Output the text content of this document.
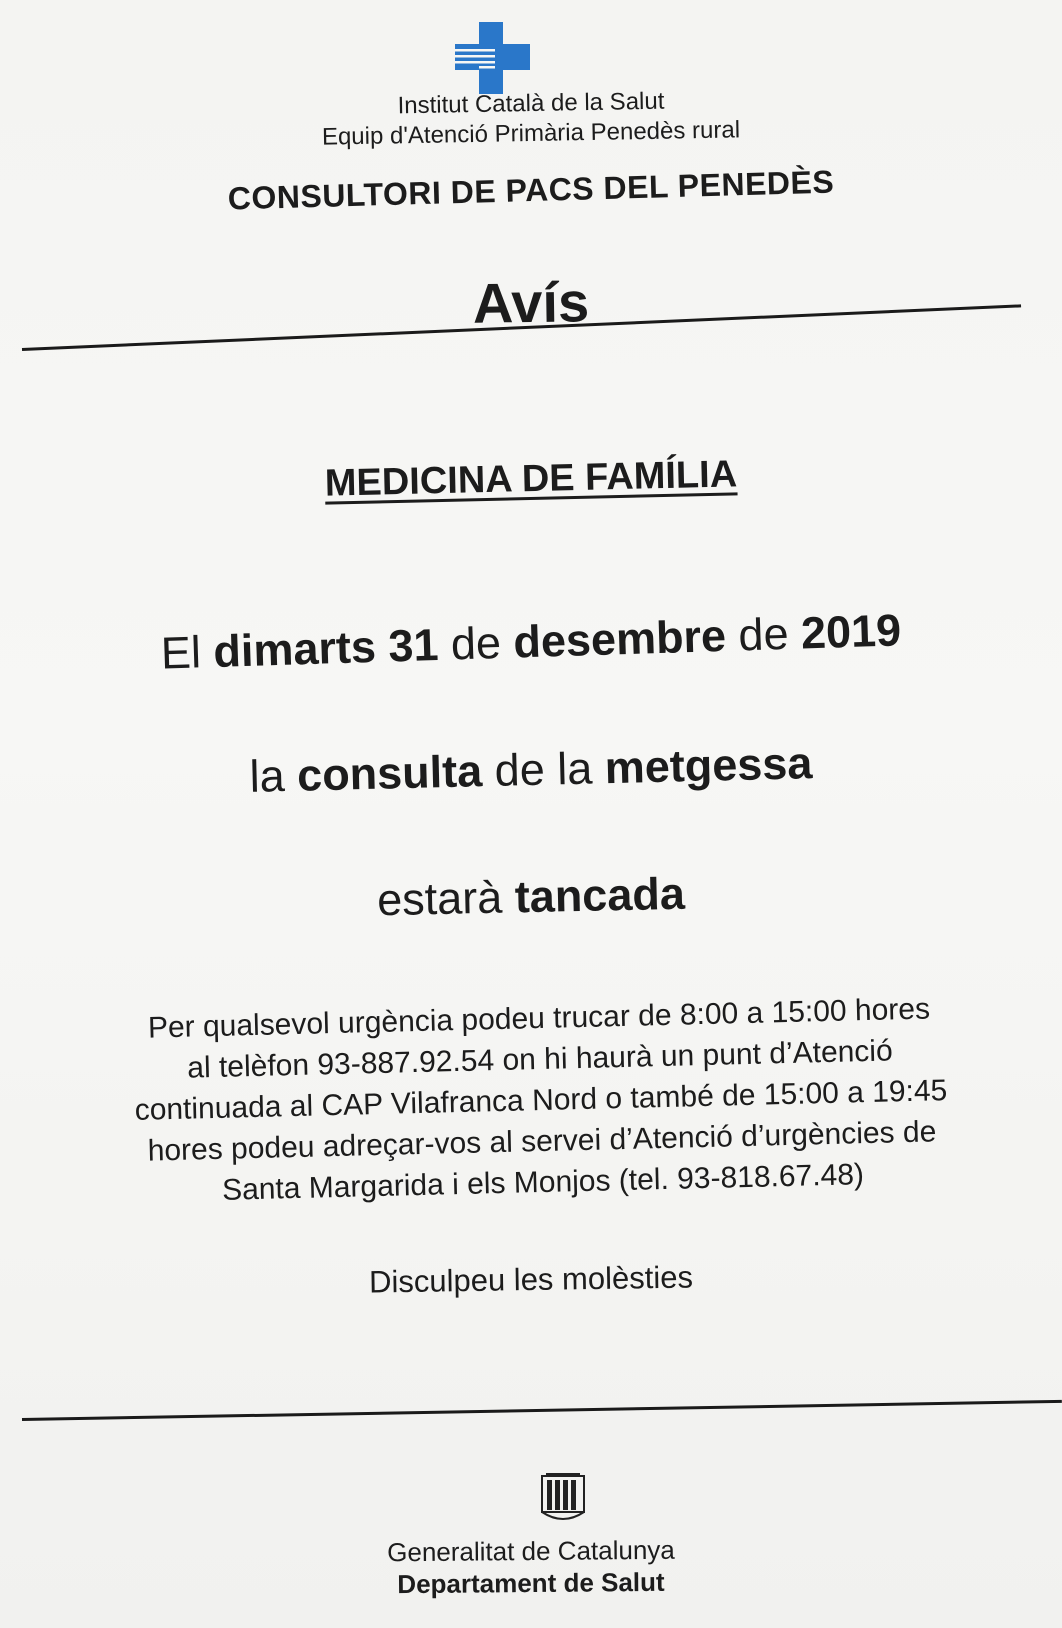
Institut Català de la Salut
Equip d'Atenció Primària Penedès rural
CONSULTORI DE PACS DEL PENEDÈS
Avís
MEDICINA DE FAMÍLIA
El dimarts 31 de desembre de 2019
la consulta de la metgessa
estarà tancada
Per qualsevol urgència podeu trucar de 8:00 a 15:00 hores
al telèfon 93-887.92.54 on hi haurà un punt d’Atenció
continuada al CAP Vilafranca Nord o també de 15:00 a 19:45
hores podeu adreçar-vos al servei d’Atenció d’urgències de
Santa Margarida i els Monjos (tel. 93-818.67.48)
Disculpeu les molèsties
Generalitat de Catalunya
Departament de Salut
